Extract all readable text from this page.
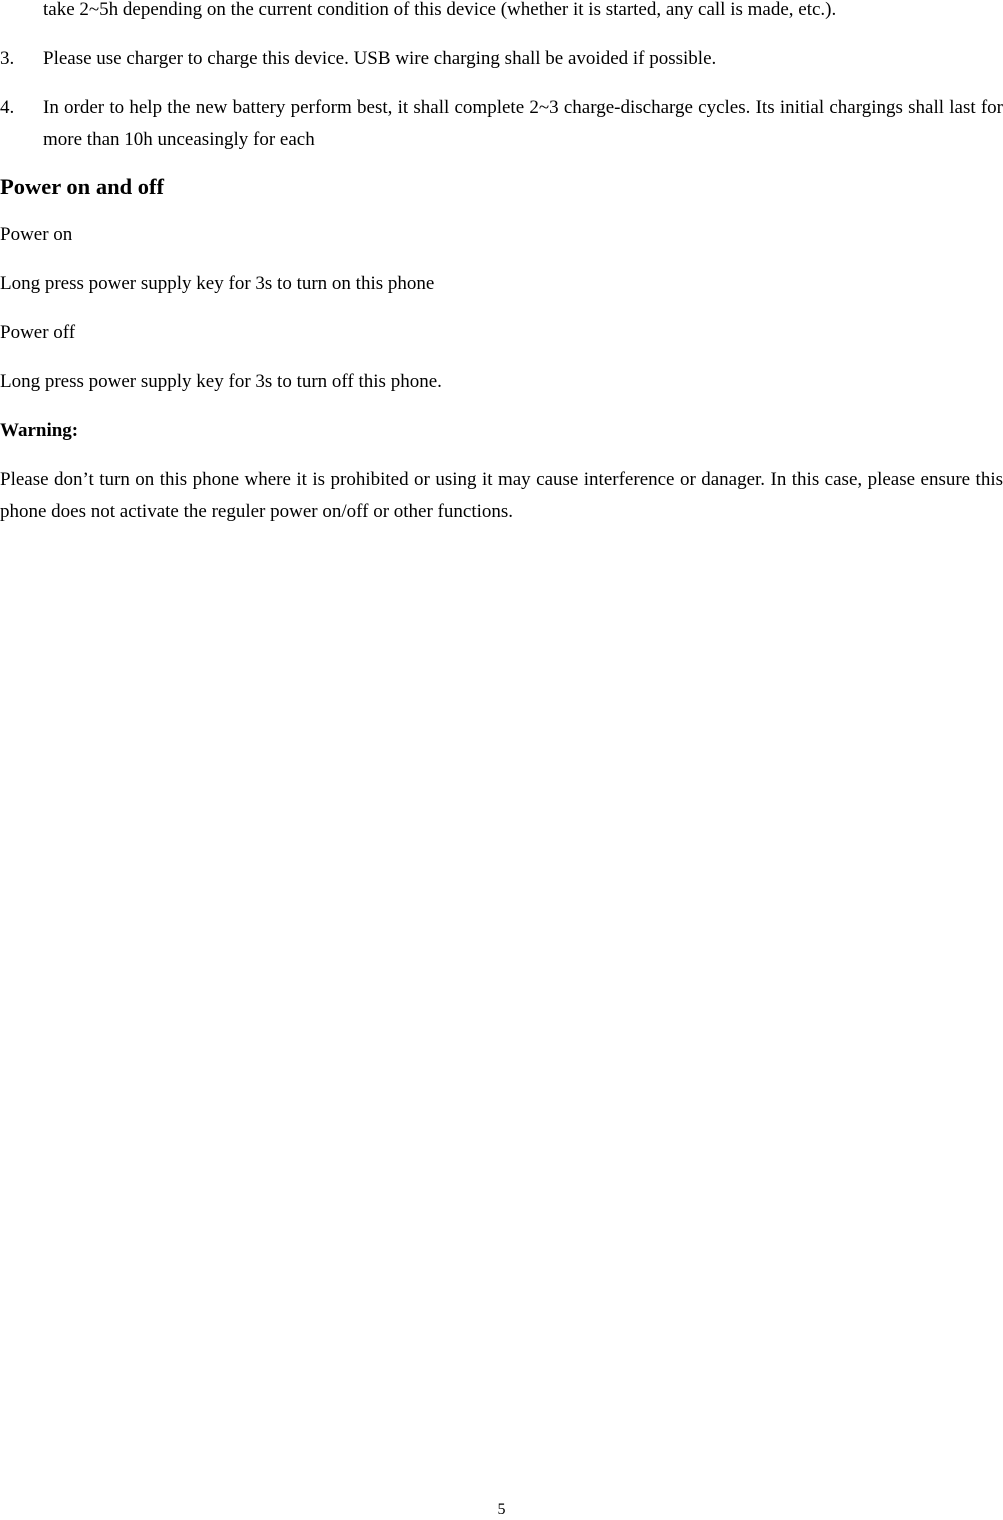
take 2~5h depending on the current condition of this device (whether it is started, any call is made, etc.).
3. Please use charger to charge this device. USB wire charging shall be avoided if possible.
4. In order to help the new battery perform best, it shall complete 2~3 charge-discharge cycles. Its initial chargings shall last for more than 10h unceasingly for each
Power on and off
Power on
Long press power supply key for 3s to turn on this phone
Power off
Long press power supply key for 3s to turn off this phone.
Warning:
Please don’t turn on this phone where it is prohibited or using it may cause interference or danager. In this case, please ensure this phone does not activate the reguler power on/off or other functions.
5
